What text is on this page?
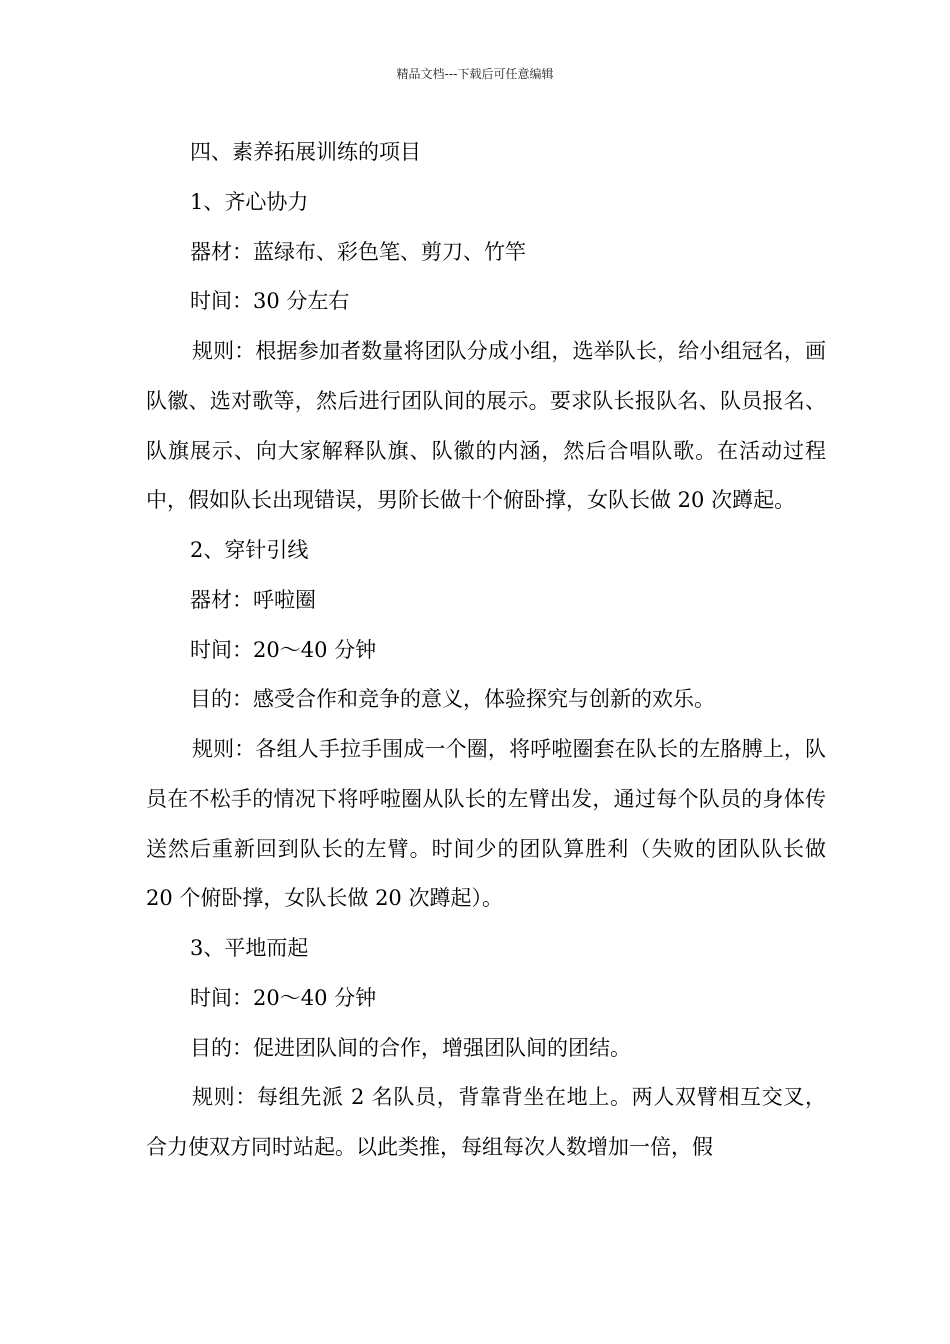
精品文档---下载后可任意编辑

四、素养拓展训练的项目

1、齐心协力

器材：蓝绿布、彩色笔、剪刀、竹竿

时间：30 分左右

规则：根据参加者数量将团队分成小组，选举队长，给小组冠名，画队徽、选对歌等，然后进行团队间的展示。要求队长报队名、队员报名、队旗展示、向大家解释队旗、队徽的内涵，然后合唱队歌。在活动过程中，假如队长出现错误，男阶长做十个俯卧撑，女队长做 20 次蹲起。

2、穿针引线

器材：呼啦圈

时间：20～40 分钟

目的：感受合作和竞争的意义，体验探究与创新的欢乐。

规则：各组人手拉手围成一个圈，将呼啦圈套在队长的左胳膊上，队员在不松手的情况下将呼啦圈从队长的左臂出发，通过每个队员的身体传送然后重新回到队长的左臂。时间少的团队算胜利（失败的团队队长做 20 个俯卧撑，女队长做 20 次蹲起）。

3、平地而起

时间：20～40 分钟

目的：促进团队间的合作，增强团队间的团结。

规则：每组先派 2 名队员，背靠背坐在地上。两人双臂相互交叉，合力使双方同时站起。以此类推，每组每次人数增加一倍，假
